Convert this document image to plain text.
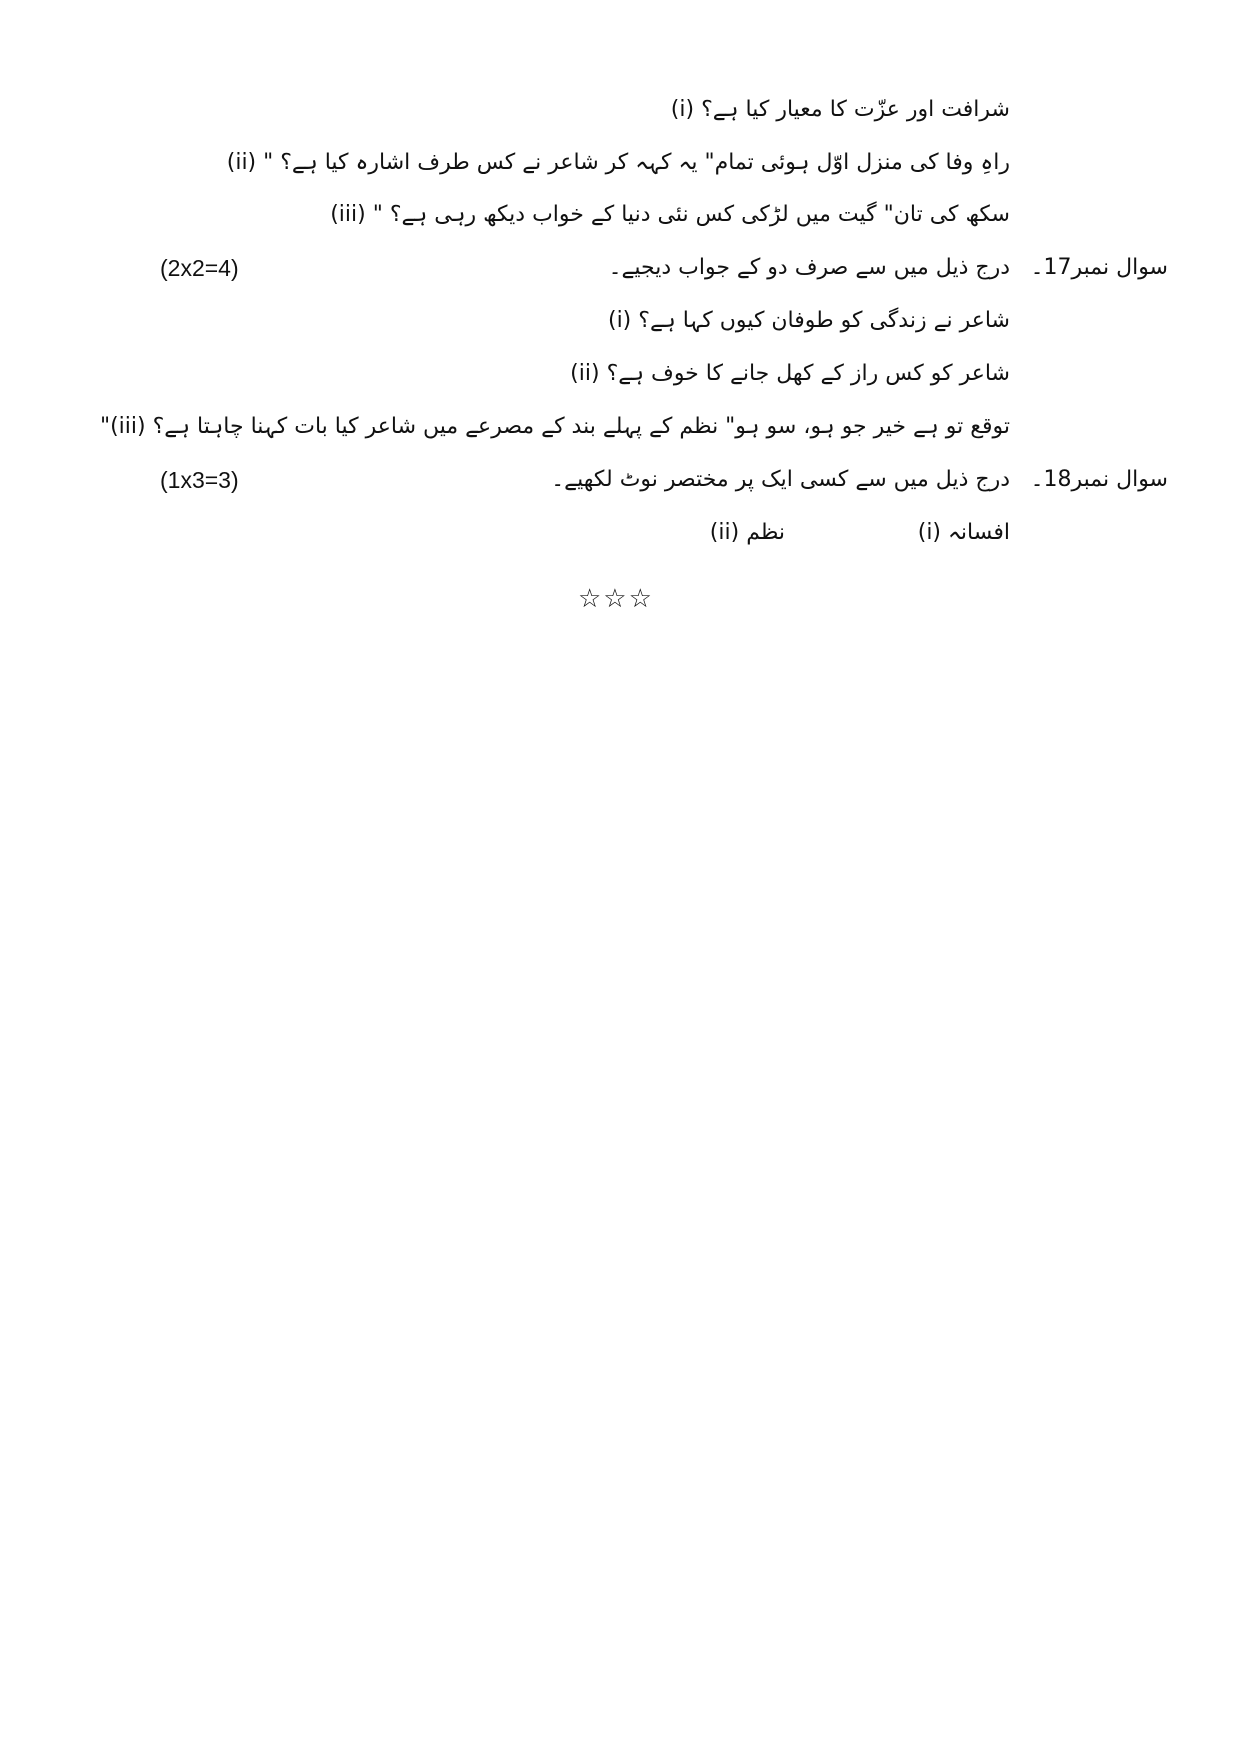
(i) شرافت اور عزّت کا معیار کیا ہے؟
(ii) " راہِ وفا کی منزل اوّل ہوئی تمام" یہ کہہ کر شاعر نے کس طرف اشارہ کیا ہے؟
(iii) " سکھ کی تان" گیت میں لڑکی کس نئی دنیا کے خواب دیکھ رہی ہے؟
سوال نمبر17۔
درج ذیل میں سے صرف دو کے جواب دیجیے۔
(2x2=4)
(i) شاعر نے زندگی کو طوفان کیوں کہا ہے؟
(ii) شاعر کو کس راز کے کھل جانے کا خوف ہے؟
"(iii) توقع تو ہے خیر جو ہو، سو ہو" نظم کے پہلے بند کے مصرعے میں شاعر کیا بات کہنا چاہتا ہے؟
سوال نمبر18۔
درج ذیل میں سے کسی ایک پر مختصر نوٹ لکھیے۔
(1x3=3)
(i) افسانہ
(ii) نظم
☆☆☆
